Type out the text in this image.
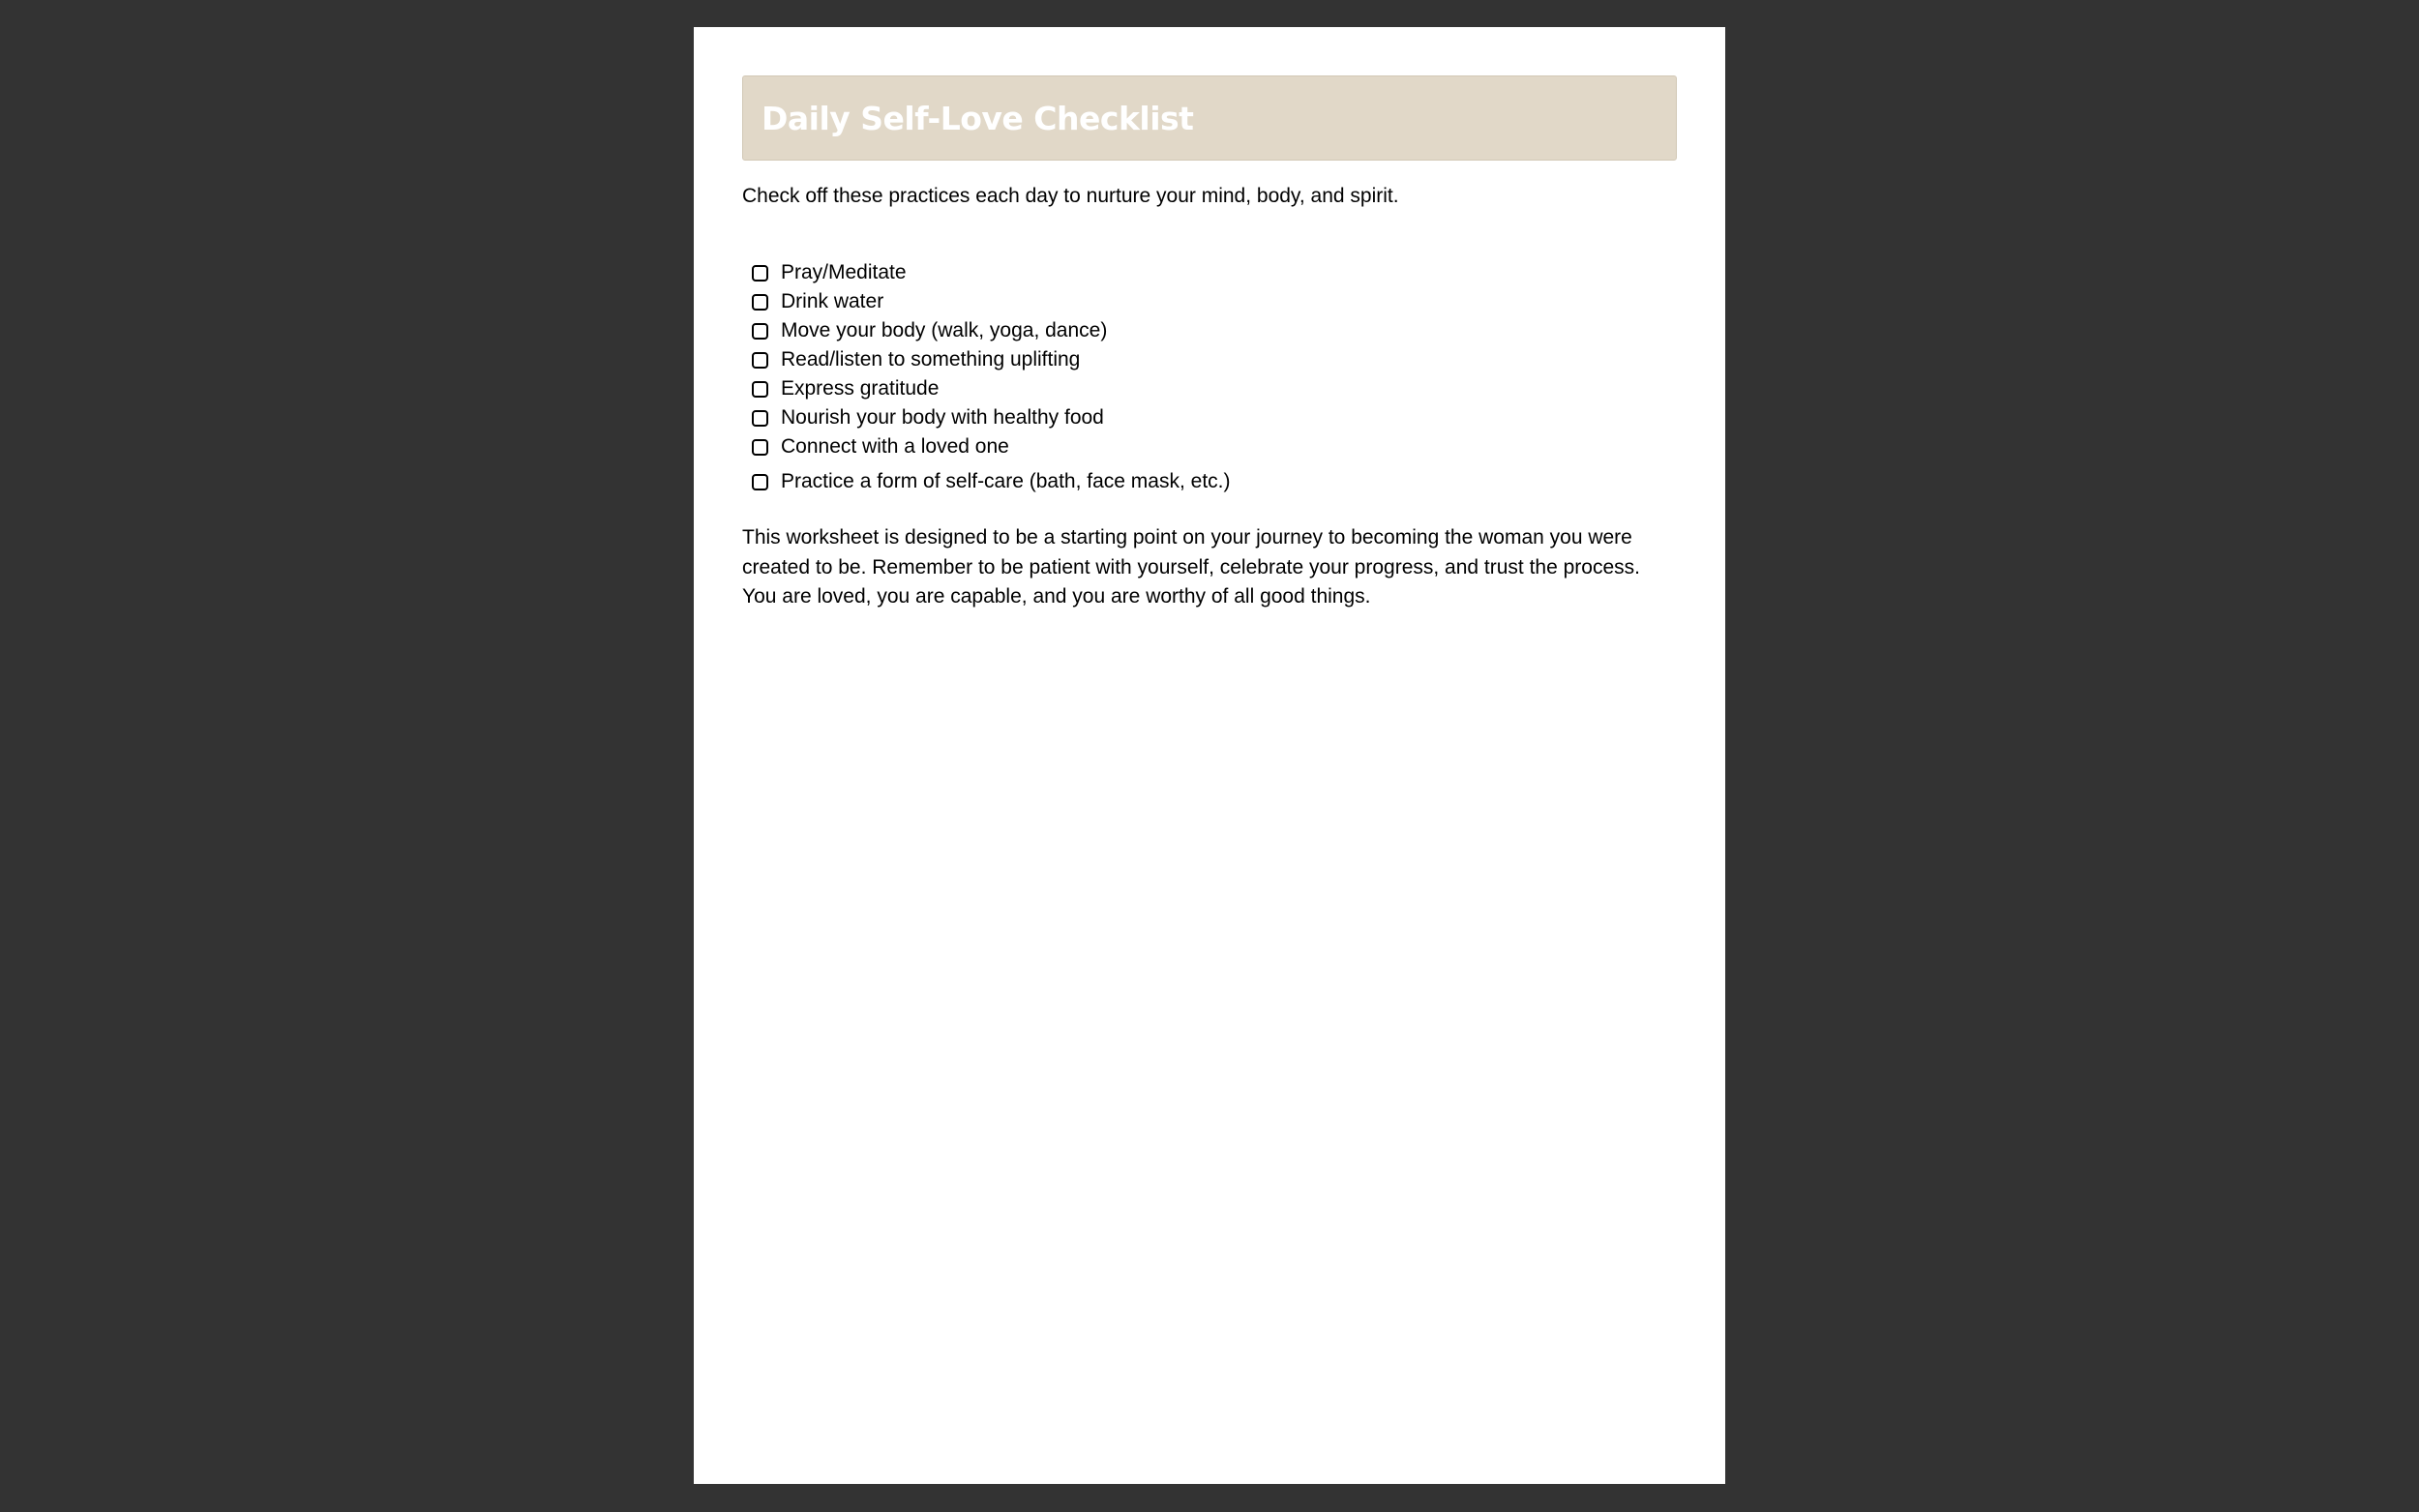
Daily Self-Love Checklist
Check off these practices each day to nurture your mind, body, and spirit.
Pray/Meditate
Drink water
Move your body (walk, yoga, dance)
Read/listen to something uplifting
Express gratitude
Nourish your body with healthy food
Connect with a loved one
Practice a form of self-care (bath, face mask, etc.)

This worksheet is designed to be a starting point on your journey to becoming the woman you were created to be. Remember to be patient with yourself, celebrate your progress, and trust the process. You are loved, you are capable, and you are worthy of all good things.
